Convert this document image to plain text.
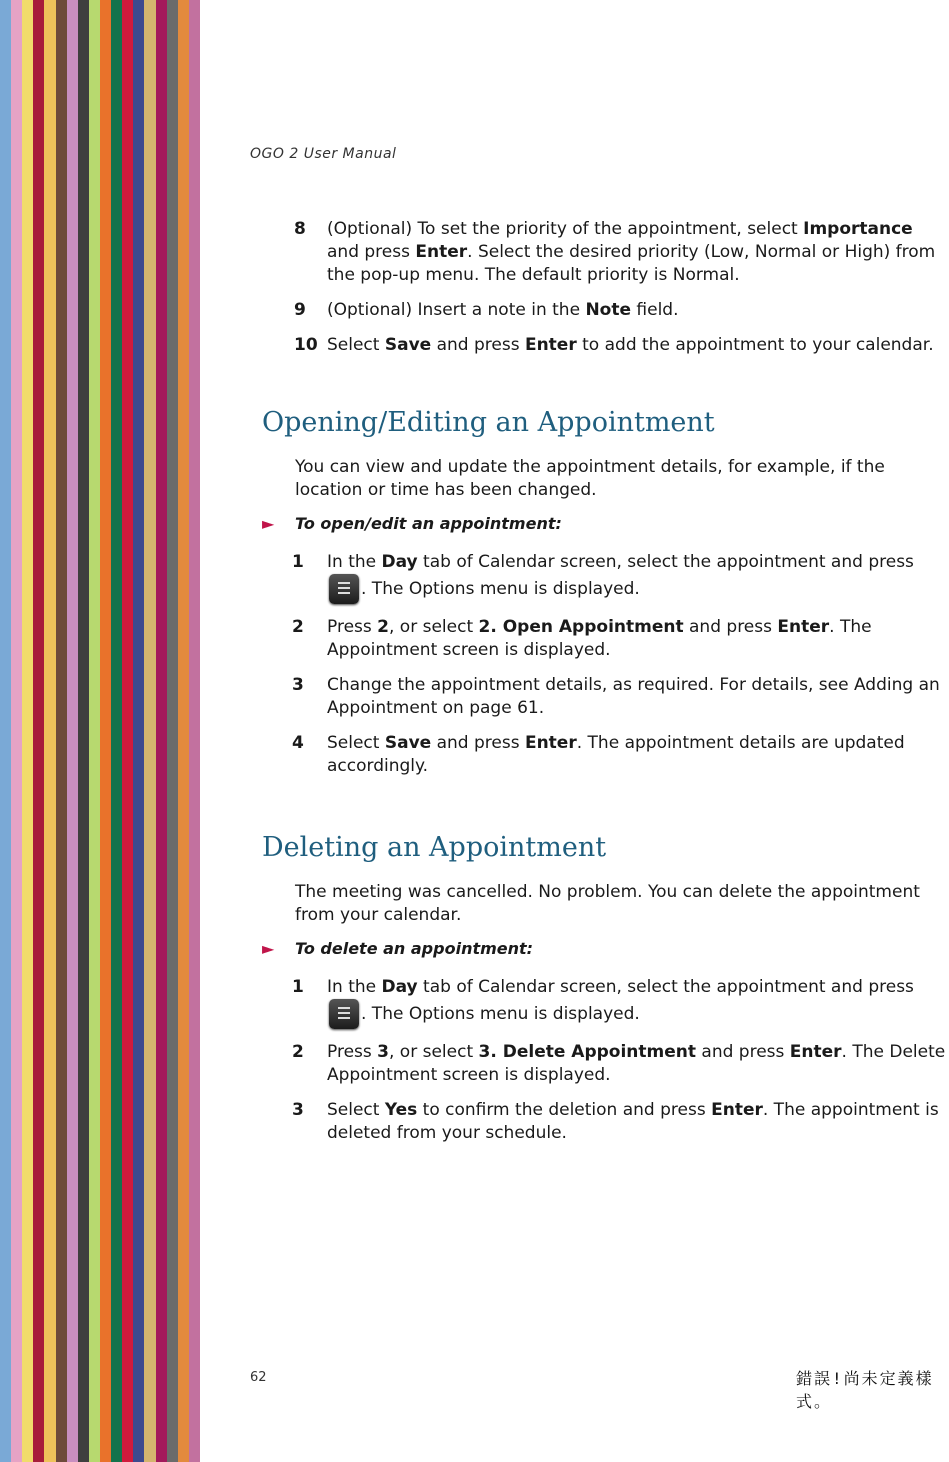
OGO 2 User Manual
8 (Optional) To set the priority of the appointment, select Importance and press Enter. Select the desired priority (Low, Normal or High) from the pop-up menu. The default priority is Normal.
9 (Optional) Insert a note in the Note field.
10 Select Save and press Enter to add the appointment to your calendar.
Opening/Editing an Appointment
You can view and update the appointment details, for example, if the location or time has been changed.
► To open/edit an appointment:
1 In the Day tab of Calendar screen, select the appointment and press
. The Options menu is displayed.
2 Press 2, or select 2. Open Appointment and press Enter. The Appointment screen is displayed.
3 Change the appointment details, as required. For details, see Adding an Appointment on page 61.
4 Select Save and press Enter. The appointment details are updated accordingly.
Deleting an Appointment
The meeting was cancelled. No problem. You can delete the appointment from your calendar.
► To delete an appointment:
1 In the Day tab of Calendar screen, select the appointment and press
. The Options menu is displayed.
2 Press 3, or select 3. Delete Appointment and press Enter. The Delete Appointment screen is displayed.
3 Select Yes to confirm the deletion and press Enter. The appointment is deleted from your schedule.
62	錯誤!尚未定義樣式。
